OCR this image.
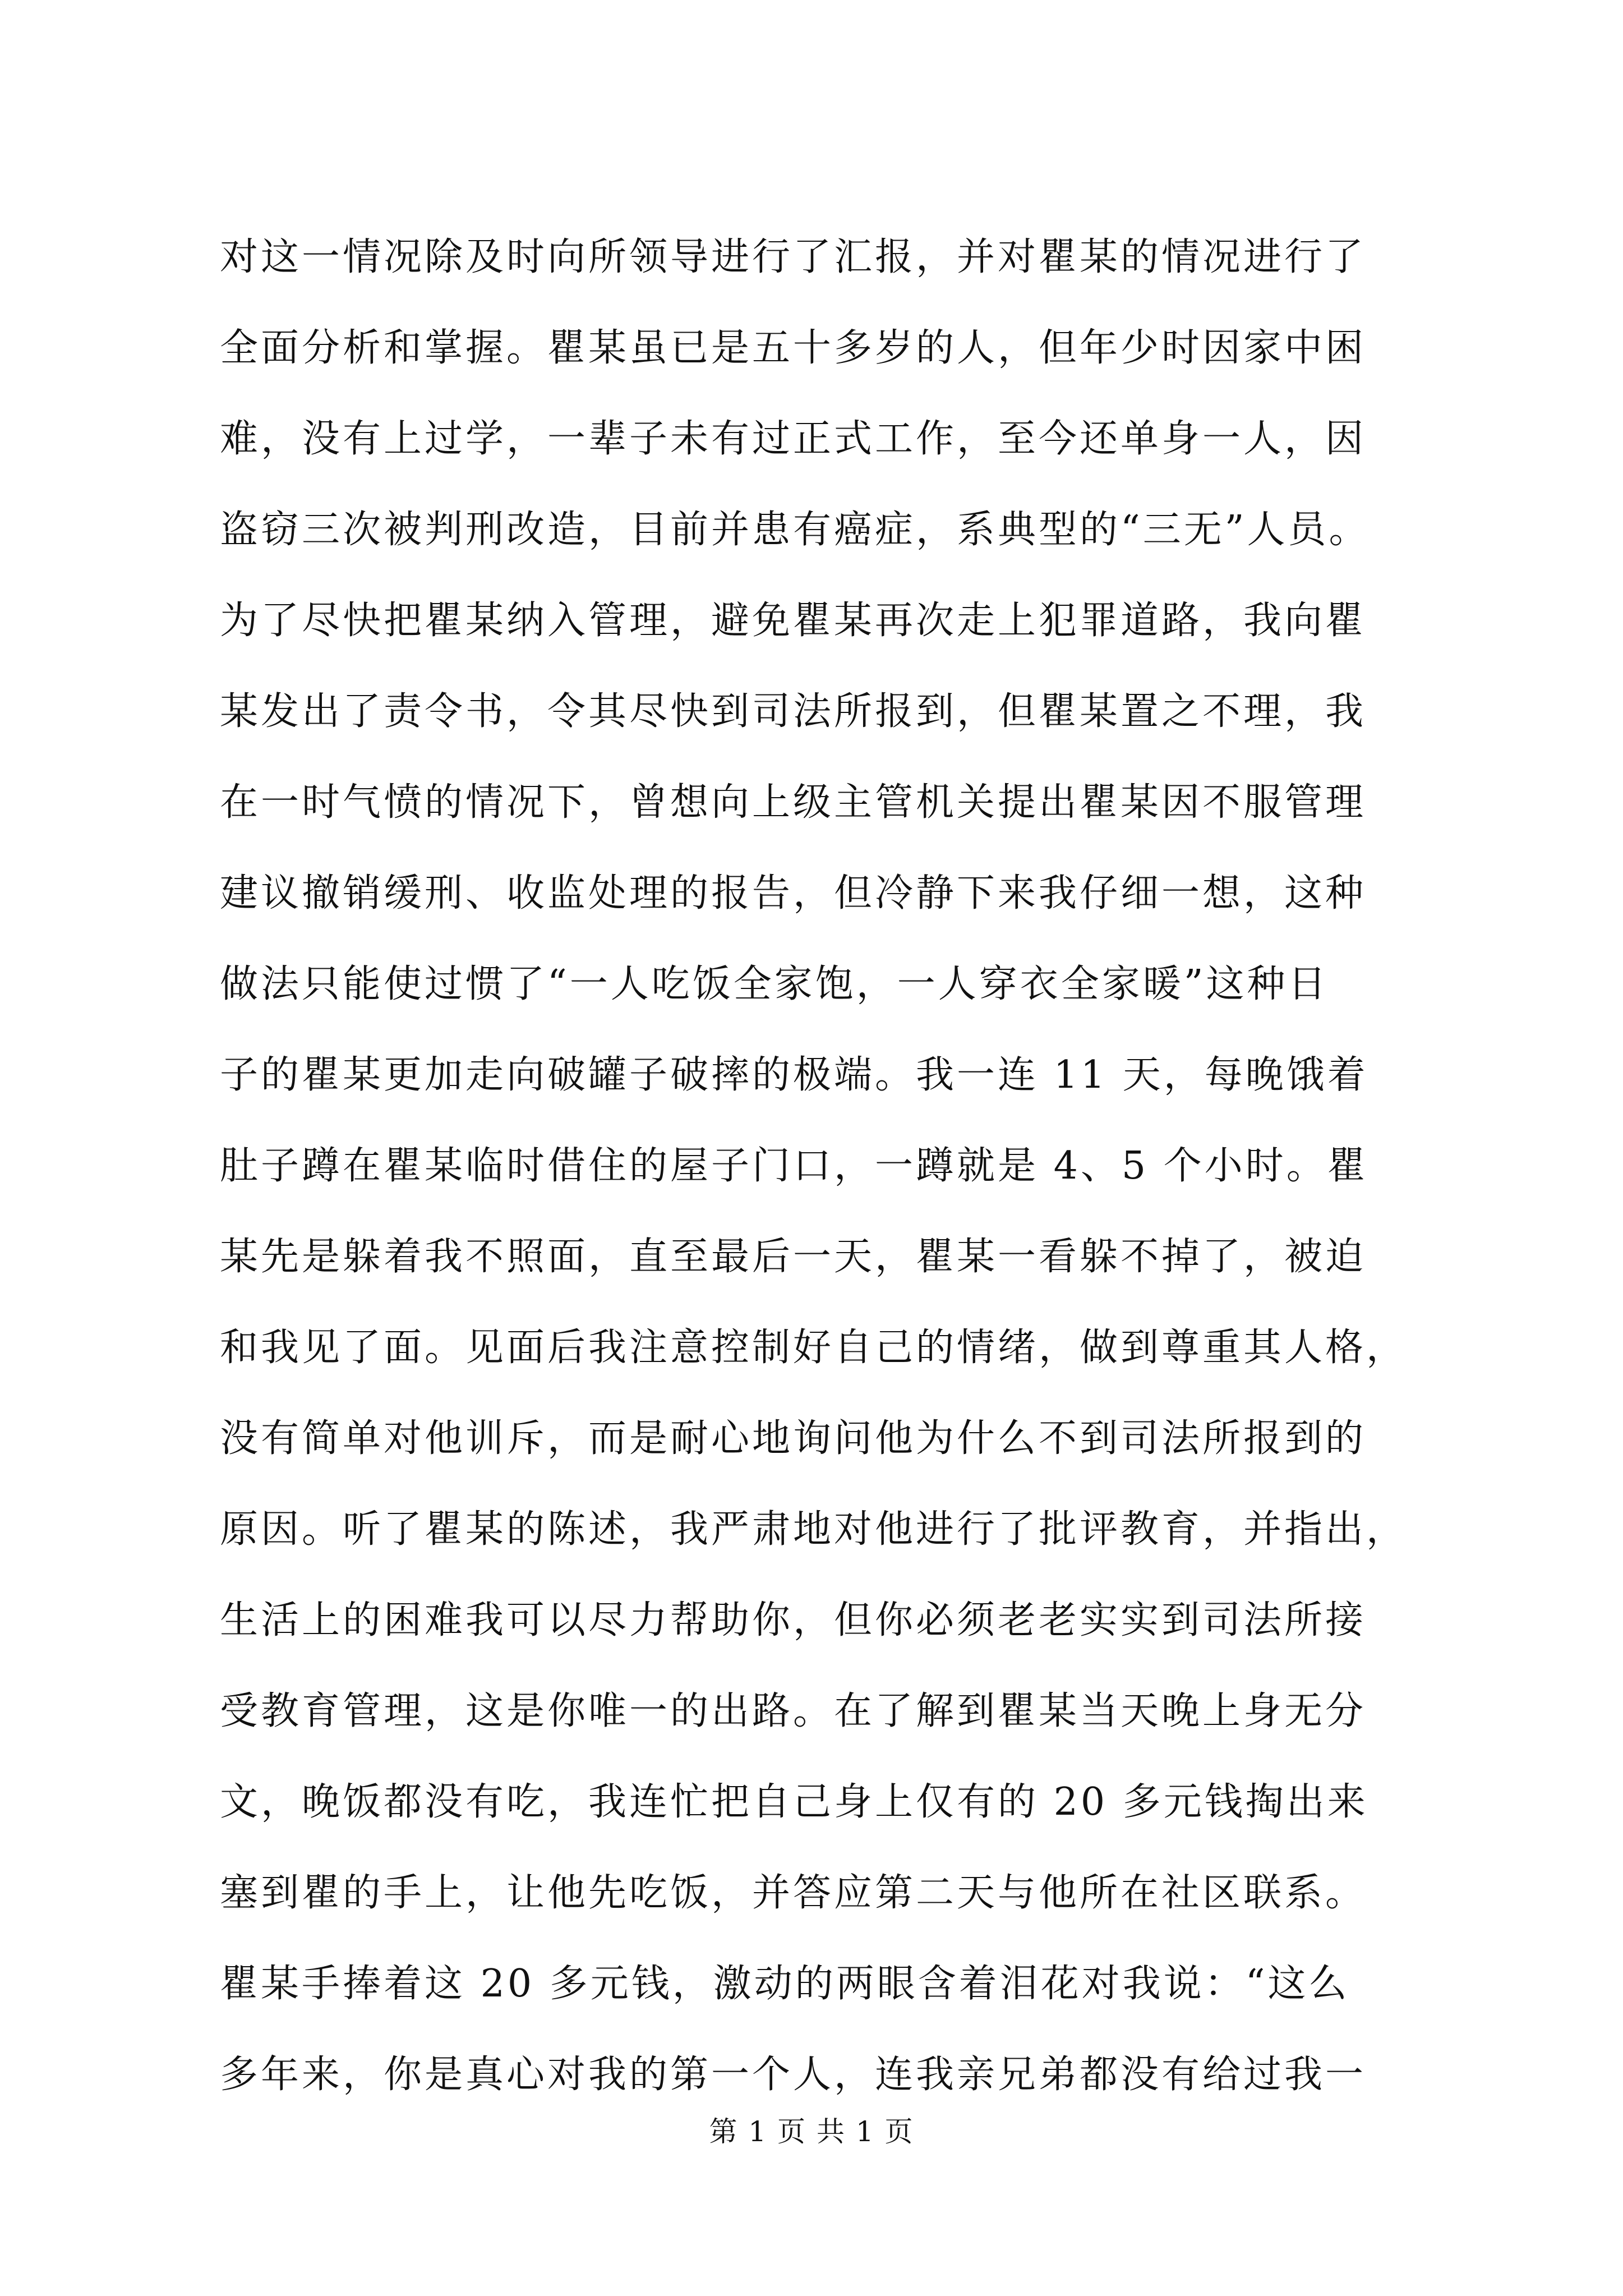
对这一情况除及时向所领导进行了汇报，并对瞿某的情况进行了
全面分析和掌握。瞿某虽已是五十多岁的人，但年少时因家中困
难，没有上过学，一辈子未有过正式工作，至今还单身一人，因
盗窃三次被判刑改造，目前并患有癌症，系典型的“三无”人员。
为了尽快把瞿某纳入管理，避免瞿某再次走上犯罪道路，我向瞿
某发出了责令书，令其尽快到司法所报到，但瞿某置之不理，我
在一时气愤的情况下，曾想向上级主管机关提出瞿某因不服管理
建议撤销缓刑、收监处理的报告，但冷静下来我仔细一想，这种
做法只能使过惯了“一人吃饭全家饱，一人穿衣全家暖”这种日
子的瞿某更加走向破罐子破摔的极端。我一连 11 天，每晚饿着
肚子蹲在瞿某临时借住的屋子门口，一蹲就是 4、5 个小时。瞿
某先是躲着我不照面，直至最后一天，瞿某一看躲不掉了，被迫
和我见了面。见面后我注意控制好自己的情绪，做到尊重其人格，
没有简单对他训斥，而是耐心地询问他为什么不到司法所报到的
原因。听了瞿某的陈述，我严肃地对他进行了批评教育，并指出，
生活上的困难我可以尽力帮助你，但你必须老老实实到司法所接
受教育管理，这是你唯一的出路。在了解到瞿某当天晚上身无分
文，晚饭都没有吃，我连忙把自己身上仅有的 20 多元钱掏出来
塞到瞿的手上，让他先吃饭，并答应第二天与他所在社区联系。
瞿某手捧着这 20 多元钱，激动的两眼含着泪花对我说：“这么
多年来，你是真心对我的第一个人，连我亲兄弟都没有给过我一
第 1 页 共 1 页
